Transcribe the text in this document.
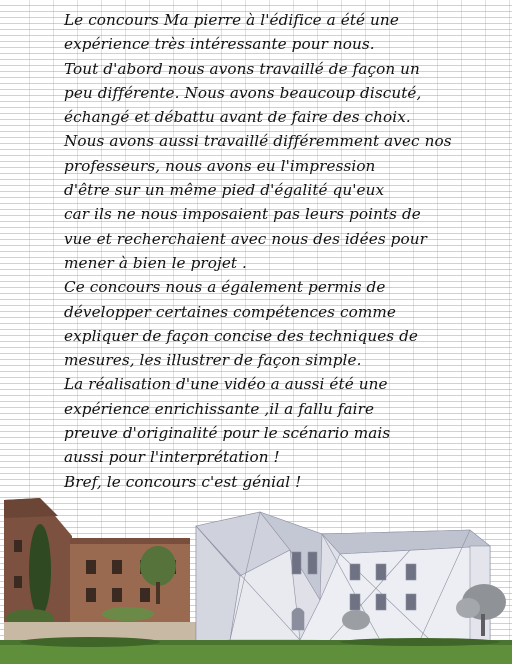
Le concours Ma pierre à l'édifice a été une
expérience très intéressante pour nous.
Tout d'abord nous avons travaillé de façon un
peu différente. Nous avons beaucoup discuté,
échangé et débattu avant de faire des choix.
Nous avons aussi travaillé différemment avec nos
professeurs, nous avons eu l'impression
d'être sur un même pied d'égalité qu'eux
car ils ne nous imposaient pas leurs points de
vue et recherchaient avec nous des idées pour
mener à bien le projet .
Ce concours nous a également permis de
développer certaines compétences comme
expliquer de façon concise des techniques de
mesures, les illustrer de façon simple.
La réalisation d'une vidéo a aussi été une
expérience enrichissante ,il a fallu faire
preuve d'originalité pour le scénario mais
aussi pour l'interprétation !
Bref, le concours c'est génial !
